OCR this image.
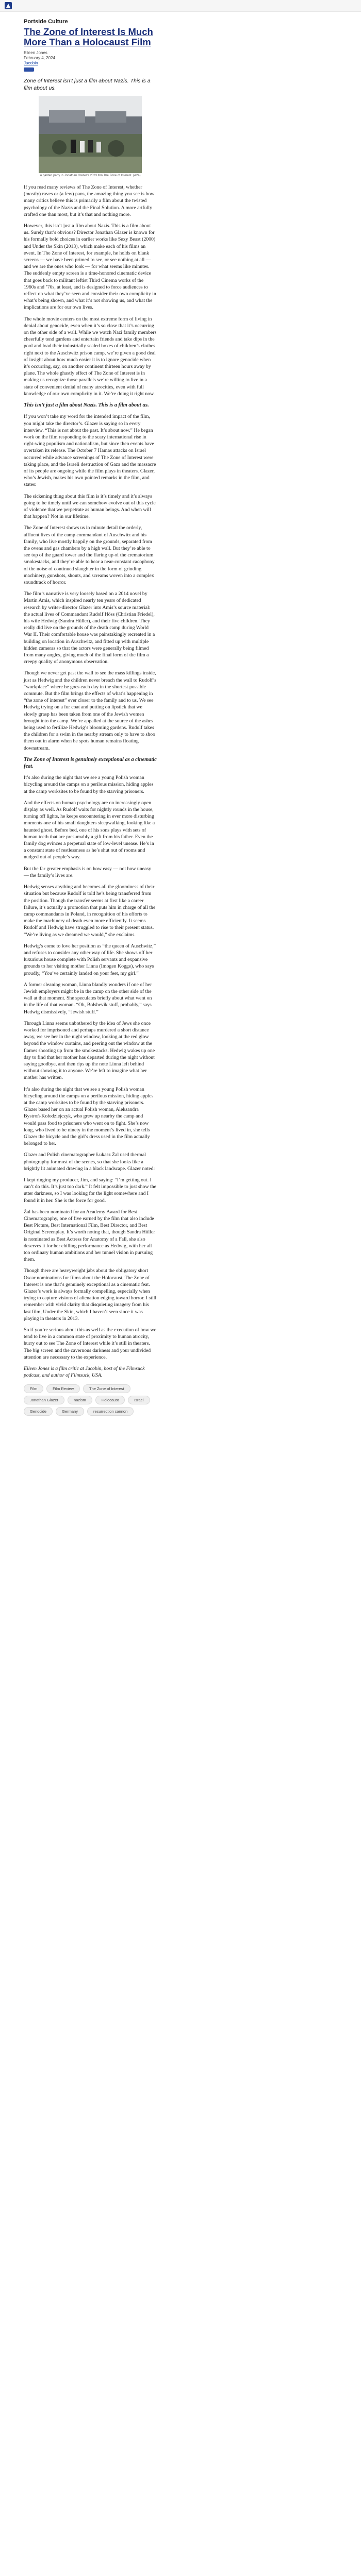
Portside Culture
The Zone of Interest Is Much More Than a Holocaust Film
Eileen Jones
February 4, 2024
Jacobin

Zone of Interest isn’t just a film about Nazis. This is a film about us.

A garden party in Jonathan Glazer’s 2023 film The Zone of Interest. (A24)

If you read many reviews of The Zone of Interest, whether (mostly) raves or (a few) pans, the amazing thing you see is how many critics believe this is primarily a film about the twisted psychology of the Nazis and the Final Solution. A more artfully crafted one than most, but it’s that and nothing more.

However, this isn’t just a film about Nazis. This is a film about us. Surely that’s obvious? Director Jonathan Glazer is known for his formally bold choices in earlier works like Sexy Beast (2000) and Under the Skin (2013), which make each of his films an event. In The Zone of Interest, for example, he holds on blank screens — we have been primed to see, or see nothing at all — and we are the ones who look — for what seems like minutes. The suddenly empty screen is a time-honored cinematic device that goes back to militant leftist Third Cinema works of the 1960s and ’70s, at least, and is designed to force audiences to reflect on what they’ve seen and consider their own complicity in what’s being shown, and what it’s not showing us, and what the implications are for our own lives.

The whole movie centers on the most extreme form of living in denial about genocide, even when it’s so close that it’s occurring on the other side of a wall. While we watch Nazi family members cheerfully tend gardens and entertain friends and take dips in the pool and load their industrially sealed boxes of children’s clothes right next to the Auschwitz prison camp, we’re given a good deal of insight about how much easier it is to ignore genocide when it’s occurring, say, on another continent thirteen hours away by plane. The whole ghastly effect of The Zone of Interest is in making us recognize those parallels we’re willing to live in a state of convenient denial of many atrocities, even with full knowledge of our own complicity in it. We’re doing it right now.

This isn’t just a film about Nazis. This is a film about us.

If you won’t take my word for the intended impact of the film, you might take the director’s. Glazer is saying so in every interview. “This is not about the past. It’s about now.” He began work on the film responding to the scary international rise in right-wing populism and nationalism, but since then events have overtaken its release. The October 7 Hamas attacks on Israel occurred while advance screenings of The Zone of Interest were taking place, and the Israeli destruction of Gaza and the massacre of its people are ongoing while the film plays in theaters. Glazer, who’s Jewish, makes his own pointed remarks in the film, and states:

The sickening thing about this film is it’s timely and it’s always going to be timely until we can somehow evolve out of this cycle of violence that we perpetrate as human beings. And when will that happen? Not in our lifetime.

The Zone of Interest shows us in minute detail the orderly, affluent lives of the camp commandant of Auschwitz and his family, who live mostly happily on the grounds, separated from the ovens and gas chambers by a high wall. But they’re able to see top of the guard tower and the flaring up of the crematorium smokestacks, and they’re able to hear a near-constant cacophony of the noise of continued slaughter in the form of grinding machinery, gunshots, shouts, and screams woven into a complex soundtrack of horror.

The film’s narrative is very loosely based on a 2014 novel by Martin Amis, which inspired nearly ten years of dedicated research by writer-director Glazer into Amis’s source material: the actual lives of Commandant Rudolf Höss (Christian Friedel), his wife Hedwig (Sandra Hüller), and their five children. They really did live on the grounds of the death camp during World War II. Their comfortable house was painstakingly recreated in a building on location in Auschwitz, and fitted up with multiple hidden cameras so that the actors were generally being filmed from many angles, giving much of the final form of the film a creepy quality of anonymous observation.

Though we never get past the wall to see the mass killings inside, just as Hedwig and the children never breach the wall to Rudolf’s “workplace” where he goes each day in the shortest possible commute. But the film brings the effects of what’s happening in “the zone of interest” ever closer to the family and to us. We see Hedwig trying on a fur coat and putting on lipstick that we slowly grasp has been taken from one of the Jewish women brought into the camp. We’re appalled at the source of the ashes being used to fertilize Hedwig’s blooming gardens. Rudolf takes the children for a swim in the nearby stream only to have to shoo them out in alarm when he spots human remains floating downstream.

The Zone of Interest is genuinely exceptional as a cinematic feat.

It’s also during the night that we see a young Polish woman bicycling around the camps on a perilous mission, hiding apples at the camp worksites to be found by the starving prisoners.

And the effects on human psychology are on increasingly open display as well. As Rudolf waits for nightly rounds in the house, turning off lights, he keeps encountering in ever more disturbing moments one of his small daughters sleepwalking, looking like a haunted ghost. Before bed, one of his sons plays with sets of human teeth that are presumably a gift from his father. Even the family dog evinces a perpetual state of low-level unease. He’s in a constant state of restlessness as he’s shut out of rooms and nudged out of people’s way.

But the far greater emphasis is on how easy — not how uneasy — the family’s lives are.

Hedwig senses anything and becomes all the gloominess of their situation but because Rudolf is told he’s being transferred from the position. Though the transfer seems at first like a career failure, it’s actually a promotion that puts him in charge of all the camp commandants in Poland, in recognition of his efforts to make the machinery of death even more efficiently. It seems Rudolf and Hedwig have struggled to rise to their present status. “We’re living as we dreamed we would,” she exclaims.

Hedwig’s come to love her position as “the queen of Auschwitz,” and refuses to consider any other way of life. She shows off her luxurious house complete with Polish servants and expansive grounds to her visiting mother Linna (Imogen Kogge), who says proudly, “You’ve certainly landed on your feet, my girl.”

A former cleaning woman, Linna blandly wonders if one of her Jewish employers might be in the camp on the other side of the wall at that moment. She speculates briefly about what went on in the life of that woman. “Oh, Bolshevik stuff, probably,” says Hedwig dismissively, “Jewish stuff.”

Through Linna seems unbothered by the idea of Jews she once worked for imprisoned and perhaps murdered a short distance away, we see her in the night window, looking at the red glow beyond the window curtains, and peering out the window at the flames shooting up from the smokestacks. Hedwig wakes up one day to find that her mother has departed during the night without saying goodbye, and then rips up the note Linna left behind without showing it to anyone. We’re left to imagine what her mother has written.

It’s also during the night that we see a young Polish woman bicycling around the camps on a perilous mission, hiding apples at the camp worksites to be found by the starving prisoners. Glazer based her on an actual Polish woman, Aleksandra Bystroń-Kołodziejczyk, who grew up nearby the camp and would pass food to prisoners who went on to fight. She’s now long, who lived to be ninety in the moment’s lived in, she tells Glazer the bicycle and the girl’s dress used in the film actually belonged to her.

Glazer and Polish cinematographer Łukasz Żal used thermal photography for most of the scenes, so that she looks like a brightly lit animated drawing in a black landscape. Glazer noted:

I kept ringing my producer, Jim, and saying: “I’m getting out. I can’t do this. It’s just too dark.” It felt impossible to just show the utter darkness, so I was looking for the light somewhere and I found it in her. She is the force for good.

Żal has been nominated for an Academy Award for Best Cinematography, one of five earned by the film that also include Best Picture, Best International Film, Best Director, and Best Original Screenplay. It’s worth noting that, though Sandra Hüller is nominated as Best Actress for Anatomy of a Fall, she also deserves it for her chilling performance as Hedwig, with her all too ordinary human ambitions and her tunnel vision in pursuing them.

Though there are heavyweight jabs about the obligatory short Oscar nominations for films about the Holocaust, The Zone of Interest is one that’s genuinely exceptional as a cinematic feat. Glazer’s work is always formally compelling, especially when trying to capture visions of alienation edging toward horror. I still remember with vivid clarity that disquieting imagery from his last film, Under the Skin, which I haven’t seen since it was playing in theaters in 2013.

So if you’re serious about this as well as the execution of how we tend to live in a common state of proximity to human atrocity, hurry out to see The Zone of Interest while it’s still in theaters. The big screen and the cavernous darkness and your undivided attention are necessary to the experience.

Eileen Jones is a film critic at Jacobin, host of the Filmsuck podcast, and author of Filmsuck, USA.

Film	Film Review	The Zone of Interest
Jonathan Glazer	nazism	Holocaust	Israel
Genocide	Germany	resurrection cannon
